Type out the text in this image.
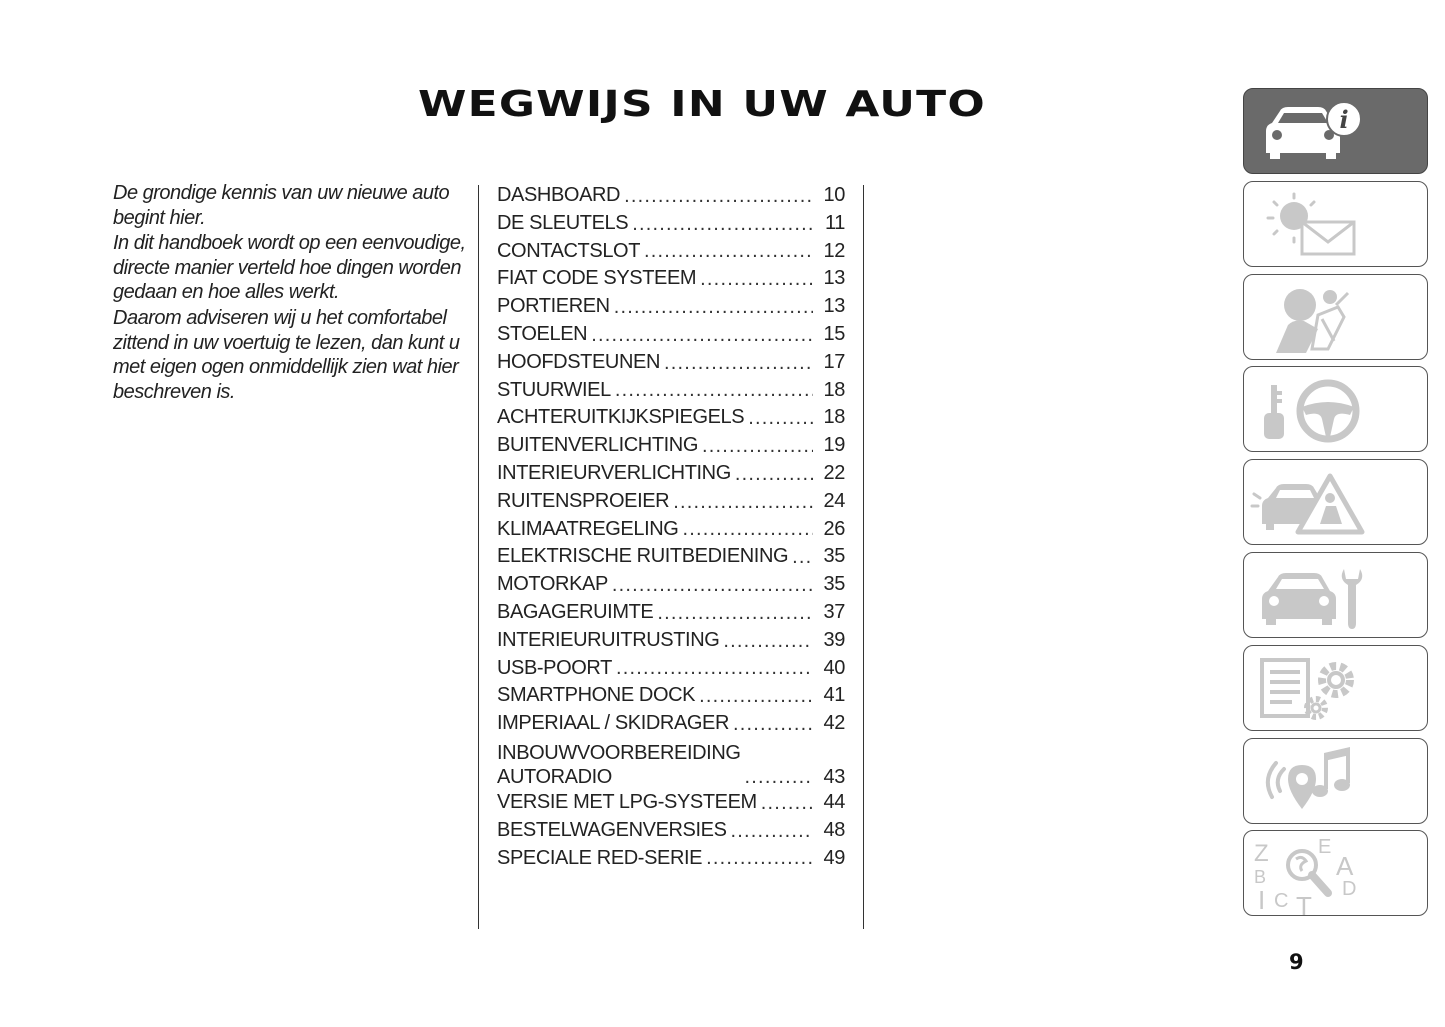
WEGWIJS IN UW AUTO

De grondige kennis van uw nieuwe auto begint hier.

In dit handboek wordt op een eenvoudige, directe manier verteld hoe dingen worden gedaan en hoe alles werkt.

Daarom adviseren wij u het comfortabel zittend in uw voertuig te lezen, dan kunt u met eigen ogen onmiddellijk zien wat hier beschreven is.

DASHBOARD .....	10
DE SLEUTELS .....	11
CONTACTSLOT .....	12
FIAT CODE SYSTEEM .....	13
PORTIEREN .....	13
STOELEN .....	15
HOOFDSTEUNEN .....	17
STUURWIEL .....	18
ACHTERUITKIJKSPIEGELS .....	18
BUITENVERLICHTING .....	19
INTERIEURVERLICHTING .....	22
RUITENSPROEIER .....	24
KLIMAATREGELING .....	26
ELEKTRISCHE RUITBEDIENING ..... 35
MOTORKAP .....	35
BAGAGERUIMTE .....	37
INTERIEURUITRUSTING .....	39
USB-POORT .....	40
SMARTPHONE DOCK .....	41
IMPERIAAL / SKIDRAGER .....	42
INBOUWVOORBEREIDING
AUTORADIO .....	43
VERSIE MET LPG-SYSTEEM .....	44
BESTELWAGENVERSIES .....	48
SPECIALE RED-SERIE .....	49
i
Z E
B	A
I C T
D
9
